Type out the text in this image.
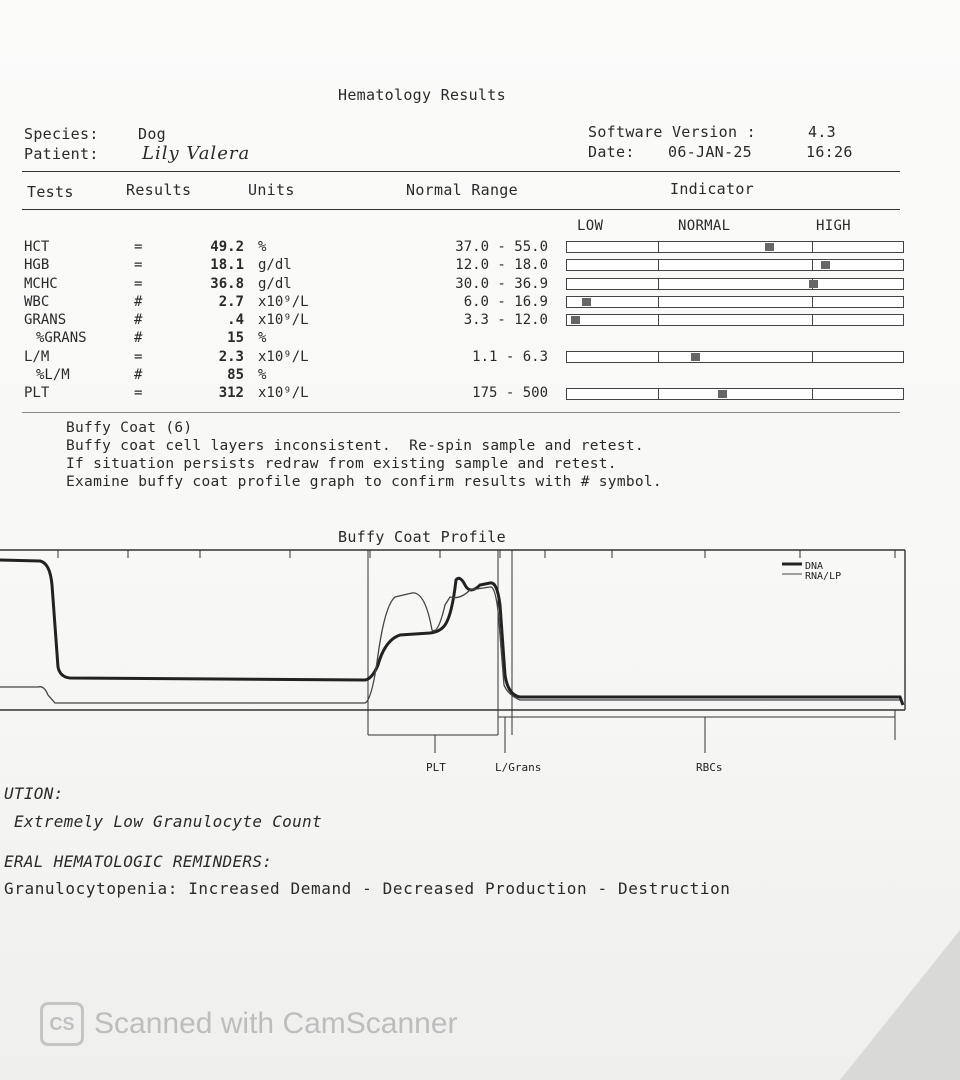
Hematology Results
Species:	Dog
Patient: Lily Valera
Software Version :	4.3
Date: 06-JAN-25	16:26
Tests	Results	Units	Normal Range	Indicator
LOW	NORMAL	HIGH
HCT	=	49.2	%	37.0 - 55.0		

HGB	=	18.1	g/dl	12.0 - 18.0		

MCHC	=	36.8	g/dl	30.0 - 36.9		

WBC	#	2.7	x10⁹/L	6.0 - 16.9		

GRANS	#	.4	x10⁹/L	3.3 - 12.0		

%GRANS	#	15	%			
L/M	=	2.3	x10⁹/L	1.1 - 6.3		

%L/M	#	85	%			
PLT	=	312	x10⁹/L	175 - 500		
Buffy Coat (6)
Buffy coat cell layers inconsistent.  Re-spin sample and retest.
If situation persists redraw from existing sample and retest.
Examine buffy coat profile graph to confirm results with # symbol.
Buffy Coat Profile
DNA
RNA/LP
PLT	L/Grans	RBCs
UTION:
Extremely Low Granulocyte Count
ERAL HEMATOLOGIC REMINDERS:
Granulocytopenia: Increased Demand - Decreased Production - Destruction
CS Scanned with CamScanner
